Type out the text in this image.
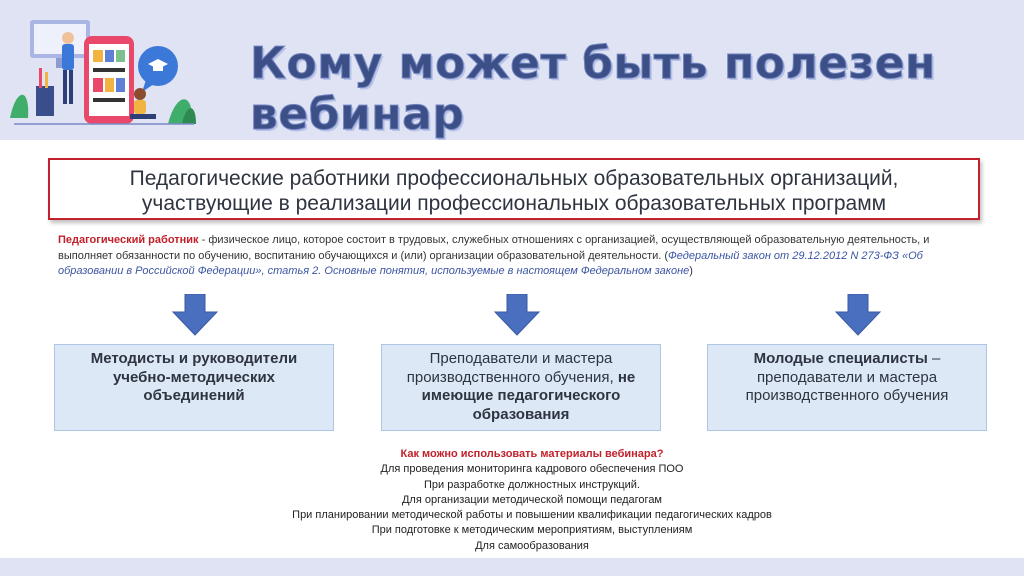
Кому может быть полезен вебинар
Педагогические работники профессиональных образовательных организаций,
участвующие в реализации профессиональных образовательных программ
Педагогический работник - физическое лицо, которое состоит в трудовых, служебных отношениях с организацией, осуществляющей образовательную деятельность, и выполняет обязанности по обучению, воспитанию обучающихся и (или) организации образовательной деятельности. (Федеральный закон от 29.12.2012 N 273-ФЗ «Об образовании в Российской Федерации», статья 2. Основные понятия, используемые в настоящем Федеральном законе)
Методисты и руководители учебно-методических объединений
Преподаватели и мастера производственного обучения, не имеющие педагогического образования
Молодые специалисты – преподаватели и мастера производственного обучения
Как можно использовать материалы вебинара?
Для проведения мониторинга кадрового обеспечения ПОО
При разработке должностных инструкций.
Для организации методической помощи педагогам
При планировании методической работы и повышении квалификации педагогических кадров
При подготовке к методическим мероприятиям, выступлениям
Для самообразования
